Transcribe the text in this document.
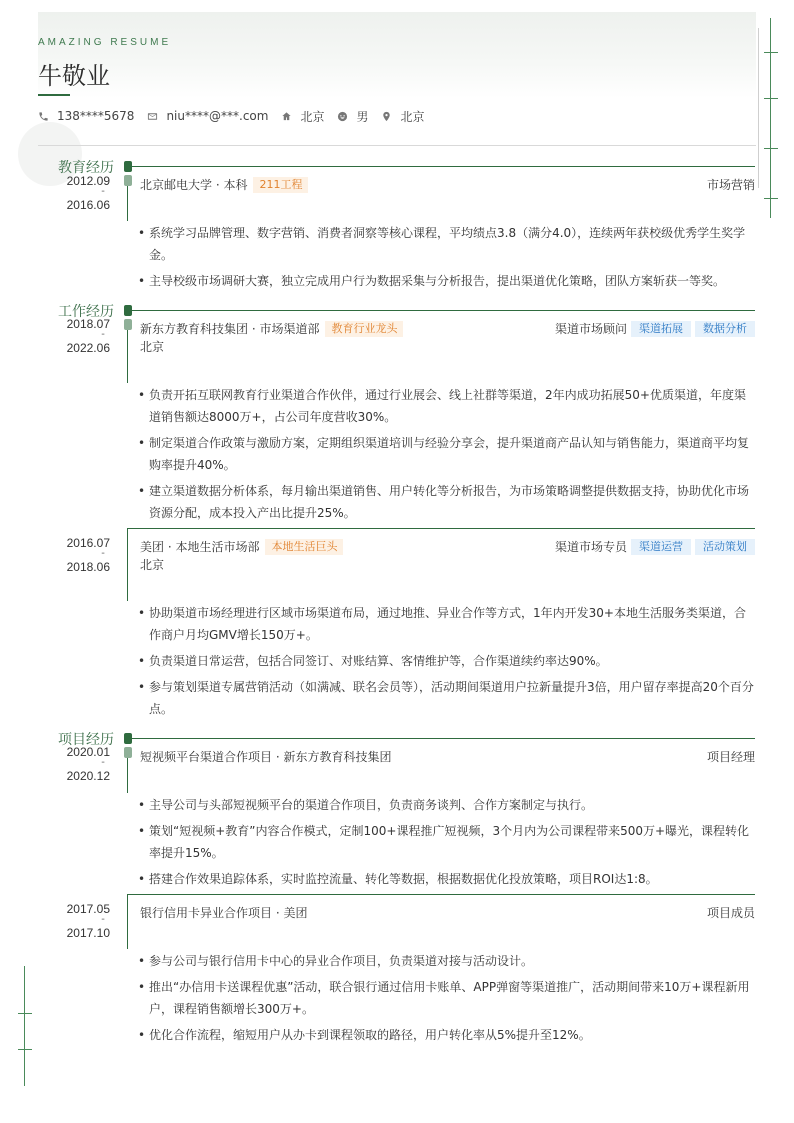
AMAZING RESUME
牛敬业
138****5678	niu****@***.com	北京	男	北京
教育经历
2012.09
-
2016.06
北京邮电大学 · 本科	211工程	市场营销
• 系统学习品牌管理、数字营销、消费者洞察等核心课程，平均绩点3.8（满分4.0），连续两年获校级优秀学生奖学金。
• 主导校级市场调研大赛，独立完成用户行为数据采集与分析报告，提出渠道优化策略，团队方案斩获一等奖。
工作经历
2018.07
-
2022.06
新东方教育科技集团 · 市场渠道部	教育行业龙头
北京
渠道市场顾问	渠道拓展	数据分析
• 负责开拓互联网教育行业渠道合作伙伴，通过行业展会、线上社群等渠道，2年内成功拓展50+优质渠道，年度渠道销售额达8000万+，占公司年度营收30%。
• 制定渠道合作政策与激励方案，定期组织渠道培训与经验分享会，提升渠道商产品认知与销售能力，渠道商平均复购率提升40%。
• 建立渠道数据分析体系，每月输出渠道销售、用户转化等分析报告，为市场策略调整提供数据支持，协助优化市场资源分配，成本投入产出比提升25%。
2016.07
-
2018.06
美团 · 本地生活市场部	本地生活巨头
北京
渠道市场专员	渠道运营	活动策划
• 协助渠道市场经理进行区域市场渠道布局，通过地推、异业合作等方式，1年内开发30+本地生活服务类渠道，合作商户月均GMV增长150万+。
• 负责渠道日常运营，包括合同签订、对账结算、客情维护等，合作渠道续约率达90%。
• 参与策划渠道专属营销活动（如满减、联名会员等），活动期间渠道用户拉新量提升3倍，用户留存率提高20个百分点。
项目经历
2020.01
-
2020.12
短视频平台渠道合作项目 · 新东方教育科技集团	项目经理
• 主导公司与头部短视频平台的渠道合作项目，负责商务谈判、合作方案制定与执行。
• 策划“短视频+教育”内容合作模式，定制100+课程推广短视频，3个月内为公司课程带来500万+曝光，课程转化率提升15%。
• 搭建合作效果追踪体系，实时监控流量、转化等数据，根据数据优化投放策略，项目ROI达1:8。
2017.05
-
2017.10
银行信用卡异业合作项目 · 美团	项目成员
• 参与公司与银行信用卡中心的异业合作项目，负责渠道对接与活动设计。
• 推出“办信用卡送课程优惠”活动，联合银行通过信用卡账单、APP弹窗等渠道推广，活动期间带来10万+课程新用户，课程销售额增长300万+。
• 优化合作流程，缩短用户从办卡到课程领取的路径，用户转化率从5%提升至12%。
